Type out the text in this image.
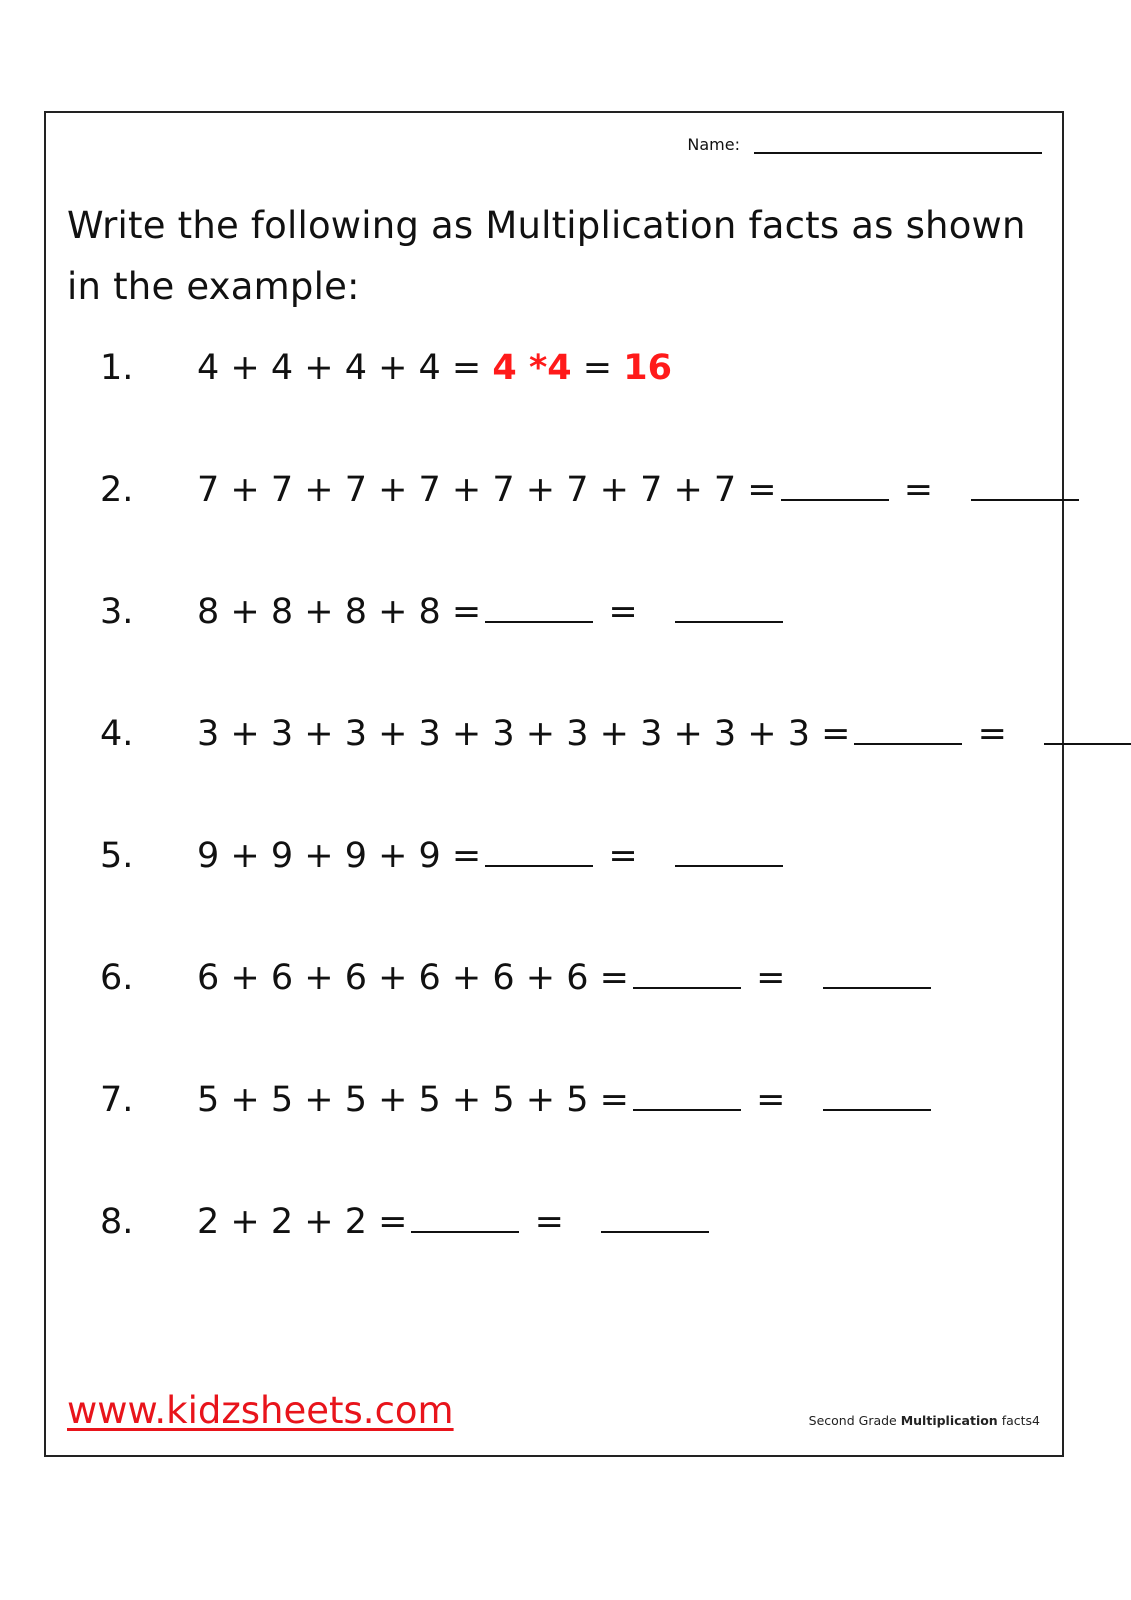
Name:

Write the following as Multiplication facts as shown in the example:

1.	4 + 4 + 4 + 4 =
4 *4
=
16
2.	7 + 7 + 7 + 7 + 7 + 7 + 7 + 7 =
	=

3.	8 + 8 + 8 + 8 =
	=

4.	3 + 3 + 3 + 3 + 3 + 3 + 3 + 3 + 3 =
	=

5.	9 + 9 + 9 + 9 =
	=

6.	6 + 6 + 6 + 6 + 6 + 6 =
	=

7.	5 + 5 + 5 + 5 + 5 + 5 =
	=

8.	2 + 2 + 2 =
	=

www.kidzsheets.com	Second Grade Multiplication facts4
